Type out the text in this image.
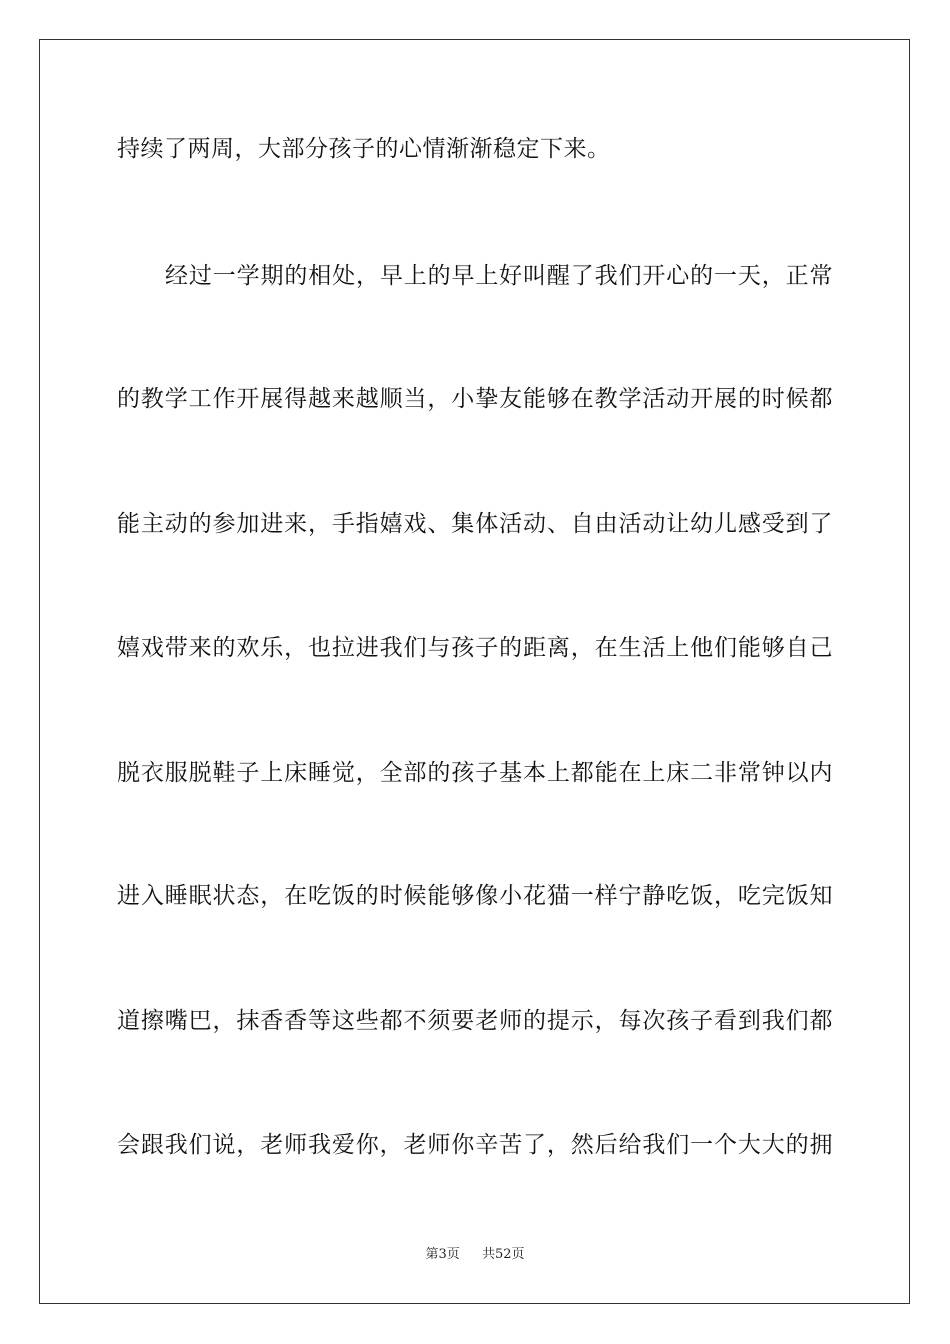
持续了两周，大部分孩子的心情渐渐稳定下来。
经过一学期的相处，早上的早上好叫醒了我们开心的一天，正常
的教学工作开展得越来越顺当，小挚友能够在教学活动开展的时候都
能主动的参加进来，手指嬉戏、集体活动、自由活动让幼儿感受到了
嬉戏带来的欢乐，也拉进我们与孩子的距离，在生活上他们能够自己
脱衣服脱鞋子上床睡觉，全部的孩子基本上都能在上床二非常钟以内
进入睡眠状态，在吃饭的时候能够像小花猫一样宁静吃饭，吃完饭知
道擦嘴巴，抹香香等这些都不须要老师的提示，每次孩子看到我们都
会跟我们说，老师我爱你，老师你辛苦了，然后给我们一个大大的拥
第3页 共52页
